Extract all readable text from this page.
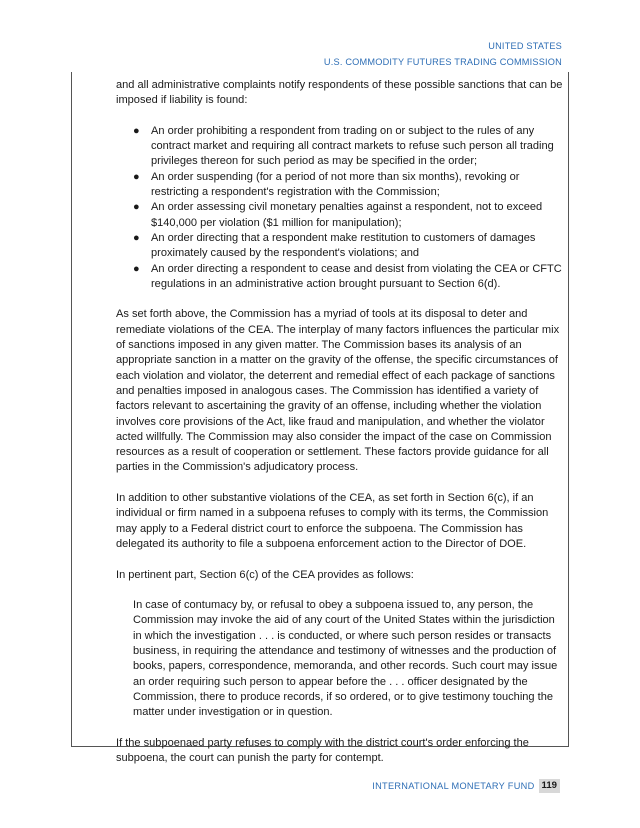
UNITED STATES
U.S. COMMODITY FUTURES TRADING COMMISSION

and all administrative complaints notify respondents of these possible sanctions that can be imposed if liability is found:

● An order prohibiting a respondent from trading on or subject to the rules of any contract market and requiring all contract markets to refuse such person all trading privileges thereon for such period as may be specified in the order;
● An order suspending (for a period of not more than six months), revoking or restricting a respondent's registration with the Commission;
● An order assessing civil monetary penalties against a respondent, not to exceed $140,000 per violation ($1 million for manipulation);
● An order directing that a respondent make restitution to customers of damages proximately caused by the respondent's violations; and
● An order directing a respondent to cease and desist from violating the CEA or CFTC regulations in an administrative action brought pursuant to Section 6(d).

As set forth above, the Commission has a myriad of tools at its disposal to deter and remediate violations of the CEA. The interplay of many factors influences the particular mix of sanctions imposed in any given matter. The Commission bases its analysis of an appropriate sanction in a matter on the gravity of the offense, the specific circumstances of each violation and violator, the deterrent and remedial effect of each package of sanctions and penalties imposed in analogous cases. The Commission has identified a variety of factors relevant to ascertaining the gravity of an offense, including whether the violation involves core provisions of the Act, like fraud and manipulation, and whether the violator acted willfully. The Commission may also consider the impact of the case on Commission resources as a result of cooperation or settlement. These factors provide guidance for all parties in the Commission's adjudicatory process.

In addition to other substantive violations of the CEA, as set forth in Section 6(c), if an individual or firm named in a subpoena refuses to comply with its terms, the Commission may apply to a Federal district court to enforce the subpoena. The Commission has delegated its authority to file a subpoena enforcement action to the Director of DOE.

In pertinent part, Section 6(c) of the CEA provides as follows:

In case of contumacy by, or refusal to obey a subpoena issued to, any person, the Commission may invoke the aid of any court of the United States within the jurisdiction in which the investigation . . . is conducted, or where such person resides or transacts business, in requiring the attendance and testimony of witnesses and the production of books, papers, correspondence, memoranda, and other records. Such court may issue an order requiring such person to appear before the . . . officer designated by the Commission, there to produce records, if so ordered, or to give testimony touching the matter under investigation or in question.

If the subpoenaed party refuses to comply with the district court's order enforcing the subpoena, the court can punish the party for contempt.

INTERNATIONAL MONETARY FUND 119
